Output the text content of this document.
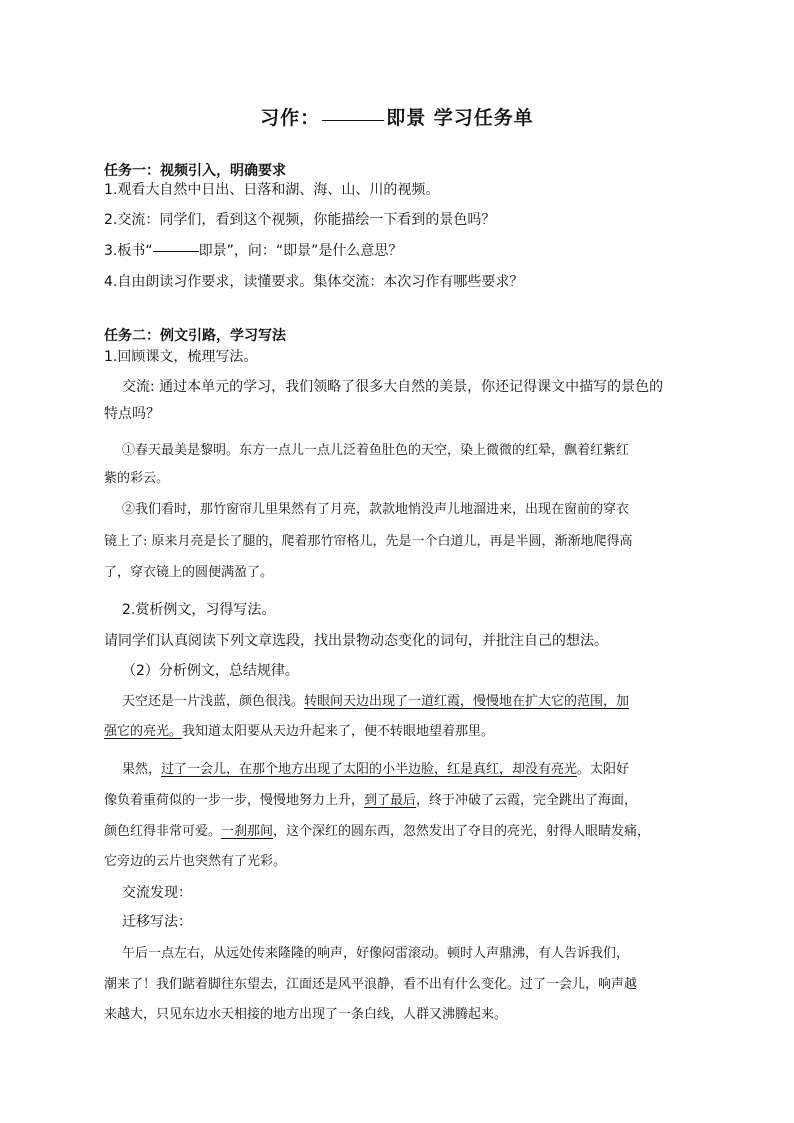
习作：	即景 学习任务单
任务一：视频引入，明确要求
1.观看大自然中日出、日落和湖、海、山、川的视频。
2.交流：同学们，看到这个视频，你能描绘一下看到的景色吗？
3.板书“	即景”，问：“即景”是什么意思？
4.自由朗读习作要求，读懂要求。集体交流：本次习作有哪些要求？
任务二：例文引路，学习写法
1.回顾课文，梳理写法。
交流: 通过本单元的学习，我们领略了很多大自然的美景，你还记得课文中描写的景色的
特点吗？
①春天最美是黎明。东方一点儿一点儿泛着鱼肚色的天空，染上微微的红晕，飘着红紫红
紫的彩云。
②我们看时，那竹窗帘儿里果然有了月亮，款款地悄没声儿地溜进来，出现在窗前的穿衣
镜上了: 原来月亮是长了腿的，爬着那竹帘格儿，先是一个白道儿，再是半圆，渐渐地爬得高
了，穿衣镜上的圆便满盈了。
2.赏析例文，习得写法。
请同学们认真阅读下列文章选段，找出景物动态变化的词句，并批注自己的想法。
（2）分析例文，总结规律。
天空还是一片浅蓝，颜色很浅。转眼间天边出现了一道红霞，慢慢地在扩大它的范围，加
强它的亮光。我知道太阳要从天边升起来了，便不转眼地望着那里。
果然，过了一会儿，在那个地方出现了太阳的小半边脸，红是真红，却没有亮光。太阳好
像负着重荷似的一步一步，慢慢地努力上升，到了最后，终于冲破了云霞，完全跳出了海面，
颜色红得非常可爱。一刹那间，这个深红的圆东西，忽然发出了夺目的亮光，射得人眼睛发痛，
它旁边的云片也突然有了光彩。
交流发现：
迁移写法：
午后一点左右，从远处传来隆隆的响声，好像闷雷滚动。顿时人声鼎沸，有人告诉我们，
潮来了！我们踮着脚往东望去，江面还是风平浪静，看不出有什么变化。过了一会儿，响声越
来越大，只见东边水天相接的地方出现了一条白线，人群又沸腾起来。
